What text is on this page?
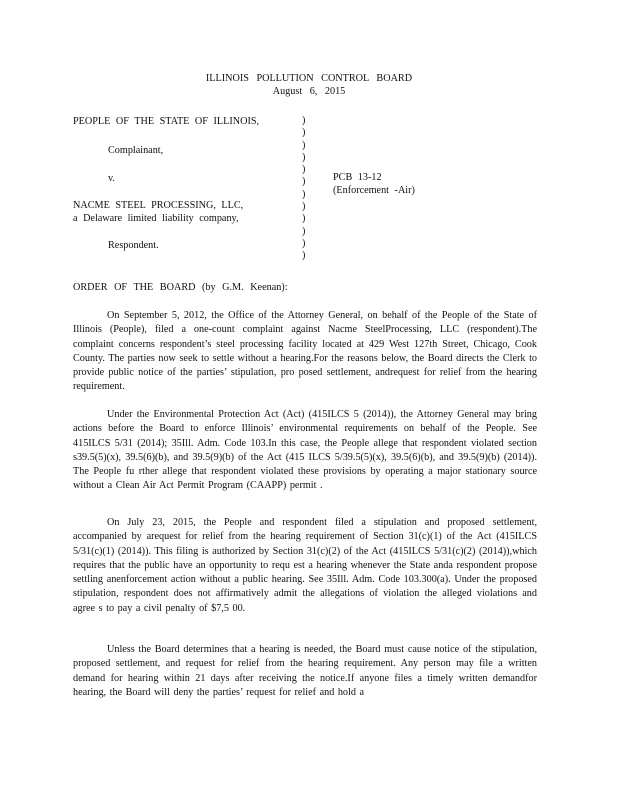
ILLINOIS POLLUTION CONTROL BOARD
August 6, 2015
PEOPLE OF THE STATE OF ILLINOIS,
Complainant,
v.
NACME STEEL PROCESSING, LLC,
a Delaware limited liability company,
Respondent.
)
)
)
)
)
)
)
)
)
)
)
)
PCB 13-12
(Enforcement -Air)
ORDER OF THE BOARD (by G.M. Keenan):
On September 5, 2012, the Office of the Attorney General, on behalf of the People of the State of Illinois (People), filed a one-count complaint against Nacme SteelProcessing, LLC (respondent).The complaint concerns respondent’s steel processing facility located at 429 West 127th Street, Chicago, Cook County. The parties now seek to settle without a hearing.For the reasons below, the Board directs the Clerk to provide public notice of the parties’ stipulation, pro posed settlement, andrequest for relief from the hearing requirement.
Under the Environmental Protection Act (Act) (415ILCS 5 (2014)), the Attorney General may bring actions before the Board to enforce Illinois’ environmental requirements on behalf of the People. See 415ILCS 5/31 (2014); 35Ill. Adm. Code 103.In this case, the People allege that respondent violated section s39.5(5)(x), 39.5(6)(b), and 39.5(9)(b) of the Act (415 ILCS 5/39.5(5)(x), 39.5(6)(b), and 39.5(9)(b) (2014)). The People fu rther allege that respondent violated these provisions by operating a major stationary source without a Clean Air Act Permit Program (CAAPP) permit .
On July 23, 2015, the People and respondent filed a stipulation and proposed settlement, accompanied by arequest for relief from the hearing requirement of Section 31(c)(1) of the Act (415ILCS 5/31(c)(1) (2014)). This filing is authorized by Section 31(c)(2) of the Act (415ILCS 5/31(c)(2) (2014)),which requires that the public have an opportunity to requ est a hearing whenever the State anda respondent propose settling anenforcement action without a public hearing. See 35Ill. Adm. Code 103.300(a). Under the proposed stipulation, respondent does not affirmatively admit the allegations of violation the alleged violations and agree s to pay a civil penalty of $7,5 00.
Unless the Board determines that a hearing is needed, the Board must cause notice of the stipulation, proposed settlement, and request for relief from the hearing requirement. Any person may file a written demand for hearing within 21 days after receiving the notice.If anyone files a timely written demandfor hearing, the Board will deny the parties’ request for relief and hold a
